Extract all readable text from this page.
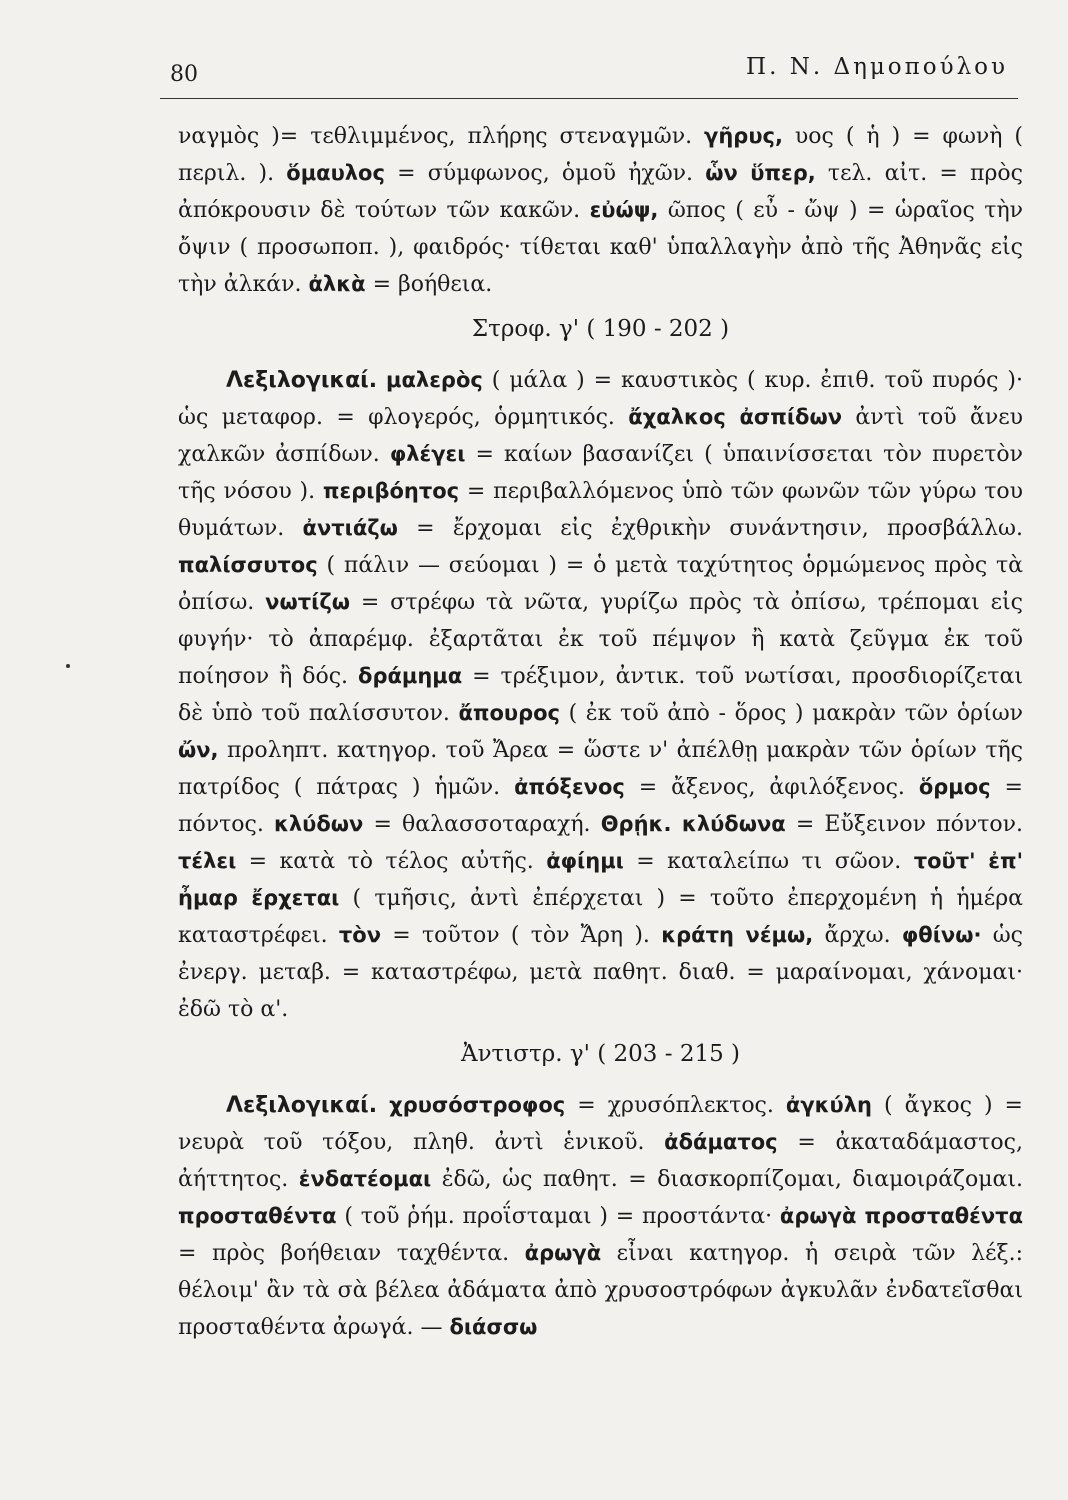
80	Π. Ν. Δημοπούλου

ναγμὸς )= τεθλιμμένος, πλήρης στεναγμῶν. γῆρυς, υος ( ἡ ) = φωνὴ ( περιλ. ). ὅμαυλος = σύμφωνος, ὁμοῦ ἠχῶν. ὧν ὕπερ, τελ. αἰτ. = πρὸς ἀπόκρουσιν δὲ τούτων τῶν κακῶν. εὐώψ, ῶπος ( εὖ - ὤψ ) = ὡραῖος τὴν ὄψιν ( προσωποπ. ), φαιδρός· τίθεται καθ' ὑπαλλαγὴν ἀπὸ τῆς Ἀθηνᾶς εἰς τὴν ἀλκάν. ἀλκὰ = βοήθεια.

Στροφ. γ' ( 190 - 202 )

Λεξιλογικαί. μαλερὸς ( μάλα ) = καυστικὸς ( κυρ. ἐπιθ. τοῦ πυρός )· ὡς μεταφορ. = φλογερός, ὁρμητικός. ἄχαλκος ἀσπίδων ἀντὶ τοῦ ἄνευ χαλκῶν ἀσπίδων. φλέγει = καίων βασανίζει ( ὑπαινίσσεται τὸν πυρετὸν τῆς νόσου ). περιβόητος = περιβαλλόμενος ὑπὸ τῶν φωνῶν τῶν γύρω του θυμάτων. ἀντιάζω = ἔρχομαι εἰς ἐχθρικὴν συνάντησιν, προσβάλλω. παλίσσυτος ( πάλιν — σεύομαι ) = ὁ μετὰ ταχύτητος ὁρμώμενος πρὸς τὰ ὀπίσω. νωτίζω = στρέφω τὰ νῶτα, γυρίζω πρὸς τὰ ὀπίσω, τρέπομαι εἰς φυγήν· τὸ ἀπαρέμφ. ἐξαρτᾶται ἐκ τοῦ πέμψον ἢ κατὰ ζεῦγμα ἐκ τοῦ ποίησον ἢ δός. δράμημα = τρέξιμον, ἀντικ. τοῦ νωτίσαι, προσδιορίζεται δὲ ὑπὸ τοῦ παλίσσυτον. ἄπουρος ( ἐκ τοῦ ἀπὸ - ὅρος ) μακρὰν τῶν ὁρίων ὤν, προληπτ. κατηγορ. τοῦ Ἄρεα = ὥστε ν' ἀπέλθῃ μακρὰν τῶν ὁρίων τῆς πατρίδος ( πάτρας ) ἡμῶν. ἀπόξενος = ἄξενος, ἀφιλόξενος. ὅρμος = πόντος. κλύδων = θαλασσοταραχή. Θρῄκ. κλύδωνα = Εὔξεινον πόντον. τέλει = κατὰ τὸ τέλος αὐτῆς. ἀφίημι = καταλείπω τι σῶον. τοῦτ' ἐπ' ἦμαρ ἔρχεται ( τμῆσις, ἀντὶ ἐπέρχεται ) = τοῦτο ἐπερχομένη ἡ ἡμέρα καταστρέφει. τὸν = τοῦτον ( τὸν Ἄρη ). κράτη νέμω, ἄρχω. φθίνω· ὡς ἐνεργ. μεταβ. = καταστρέφω, μετὰ παθητ. διαθ. = μαραίνομαι, χάνομαι· ἐδῶ τὸ α'.

Ἀντιστρ. γ' ( 203 - 215 )

Λεξιλογικαί. χρυσόστροφος = χρυσόπλεκτος. ἀγκύλη ( ἄγκος ) = νευρὰ τοῦ τόξου, πληθ. ἀντὶ ἑνικοῦ. ἀδάματος = ἀκαταδάμαστος, ἀήττητος. ἐνδατέομαι ἐδῶ, ὡς παθητ. = διασκορπίζομαι, διαμοιράζομαι. προσταθέντα ( τοῦ ῥήμ. προΐσταμαι ) = προστάντα· ἀρωγὰ προσταθέντα = πρὸς βοήθειαν ταχθέντα. ἀρωγὰ εἶναι κατηγορ. ἡ σειρὰ τῶν λέξ.: θέλοιμ' ἂν τὰ σὰ βέλεα ἀδάματα ἀπὸ χρυσοστρόφων ἀγκυλᾶν ἐνδατεῖσθαι προσταθέντα ἀρωγά. — διάσσω
